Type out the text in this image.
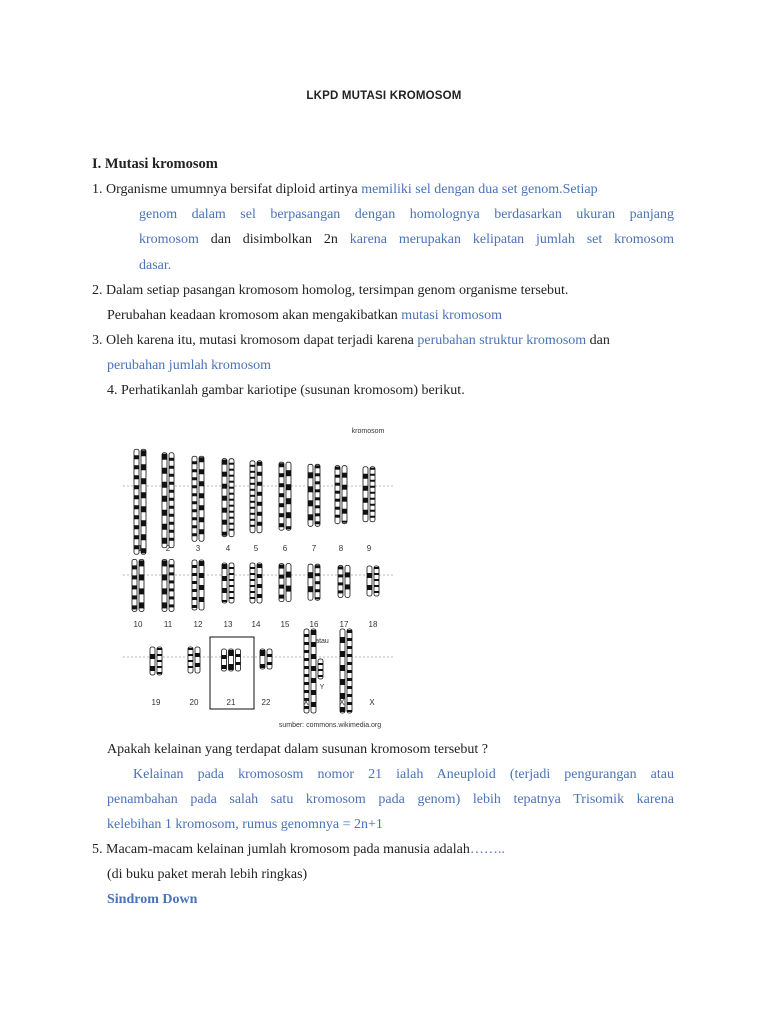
LKPD MUTASI KROMOSOM
I. Mutasi kromosom
1. Organisme umumnya bersifat diploid artinya memiliki sel dengan dua set genom.Setiap
genom dalam sel berpasangan dengan homolognya berdasarkan ukuran panjang
kromosom dan disimbolkan 2n karena merupakan kelipatan jumlah set kromosom
dasar.
2. Dalam setiap pasangan kromosom homolog, tersimpan genom organisme tersebut.
Perubahan keadaan kromosom akan mengakibatkan mutasi kromosom
3. Oleh karena itu, mutasi kromosom dapat terjadi karena perubahan struktur kromosom dan
perubahan jumlah kromosom
4. Perhatikanlah gambar kariotipe (susunan kromosom) berikut.
kromosom
1	2	3	4	5	6	7	8	9
10	11	12	13 14	15	16	17	18
atau
Y
19	20	21	22	X	X	X
sumber: commons.wikimedia.org
Apakah kelainan yang terdapat dalam susunan kromosom tersebut ?
Kelainan pada kromososm nomor 21 ialah Aneuploid (terjadi pengurangan atau
penambahan pada salah satu kromosom pada genom) lebih tepatnya Trisomik karena
kelebihan 1 kromosom, rumus genomnya = 2n+1
5. Macam-macam kelainan jumlah kromosom pada manusia adalah……..
(di buku paket merah lebih ringkas)
Sindrom Down
